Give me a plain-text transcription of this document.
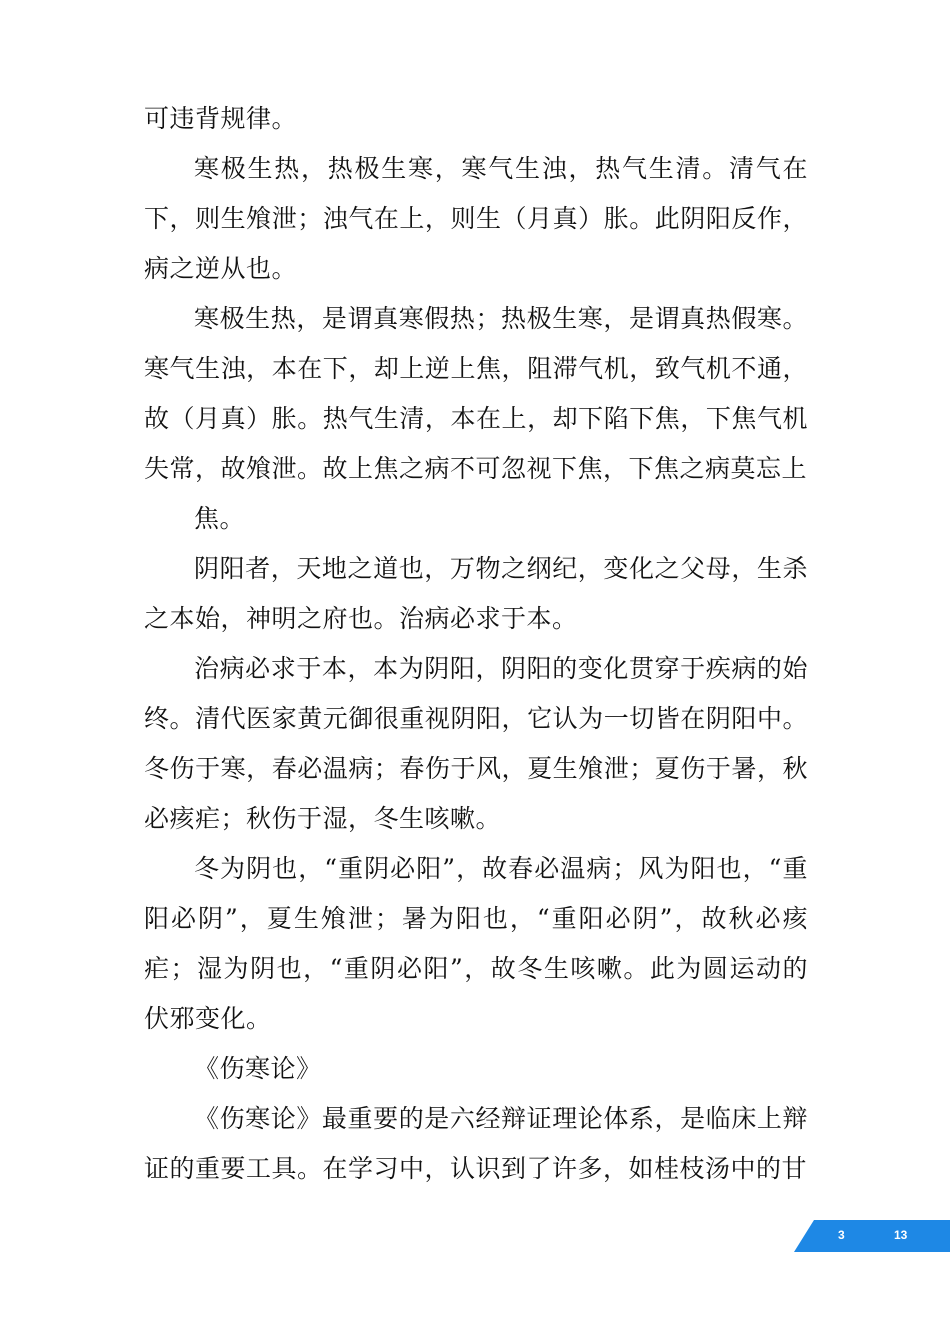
可违背规律。

寒极生热，热极生寒，寒气生浊，热气生清。清气在下，则生飧泄；浊气在上，则生（月真）胀。此阴阳反作，病之逆从也。

寒极生热，是谓真寒假热；热极生寒，是谓真热假寒。寒气生浊，本在下，却上逆上焦，阻滞气机，致气机不通，故（月真）胀。热气生清，本在上，却下陷下焦，下焦气机失常，故飧泄。故上焦之病不可忽视下焦，下焦之病莫忘上

焦。

阴阳者，天地之道也，万物之纲纪，变化之父母，生杀之本始，神明之府也。治病必求于本。

治病必求于本，本为阴阳，阴阳的变化贯穿于疾病的始终。清代医家黄元御很重视阴阳，它认为一切皆在阴阳中。冬伤于寒，春必温病；春伤于风，夏生飧泄；夏伤于暑，秋必痎疟；秋伤于湿，冬生咳嗽。

冬为阴也，“重阴必阳”，故春必温病；风为阳也，“重阳必阴”，夏生飧泄；暑为阳也，“重阳必阴”，故秋必痎疟；湿为阴也，“重阴必阳”，故冬生咳嗽。此为圆运动的伏邪变化。

《伤寒论》

《伤寒论》最重要的是六经辩证理论体系，是临床上辩证的重要工具。在学习中，认识到了许多，如桂枝汤中的甘

3	13
